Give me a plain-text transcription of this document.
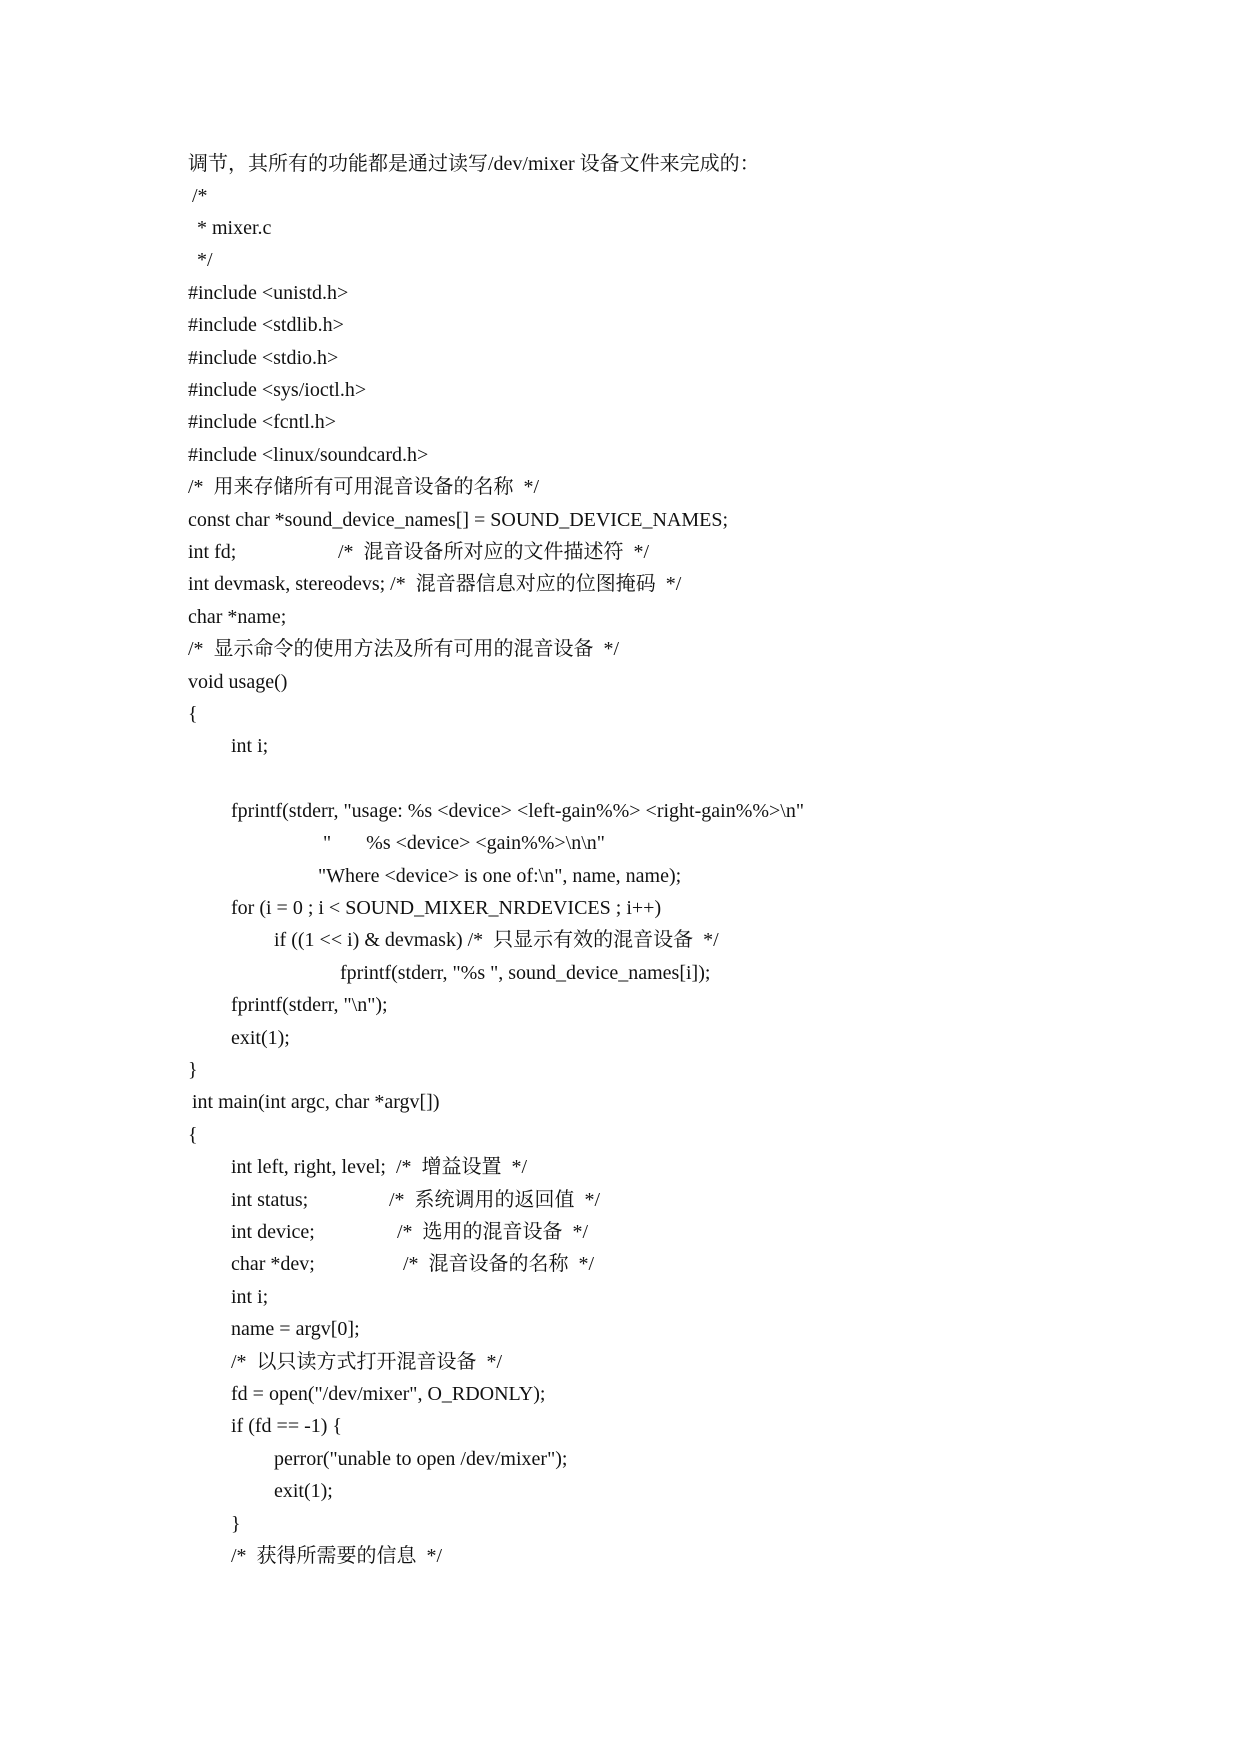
调节，其所有的功能都是通过读写/dev/mixer 设备文件来完成的：
/*
* mixer.c
*/
#include <unistd.h>
#include <stdlib.h>
#include <stdio.h>
#include <sys/ioctl.h>
#include <fcntl.h>
#include <linux/soundcard.h>
/*  用来存储所有可用混音设备的名称  */
const char *sound_device_names[] = SOUND_DEVICE_NAMES;
int fd;	/*  混音设备所对应的文件描述符  */
int devmask, stereodevs; /*  混音器信息对应的位图掩码  */
char *name;
/*  显示命令的使用方法及所有可用的混音设备  */
void usage()
{
int i;
fprintf(stderr, "usage: %s <device> <left-gain%%> <right-gain%%>\n"
"       %s <device> <gain%%>\n\n"
"Where <device> is one of:\n", name, name);
for (i = 0 ; i < SOUND_MIXER_NRDEVICES ; i++)
if ((1 << i) & devmask) /*  只显示有效的混音设备  */
fprintf(stderr, "%s ", sound_device_names[i]);
fprintf(stderr, "\n");
exit(1);
}
int main(int argc, char *argv[])
{
int left, right, level;  /*  增益设置  */
int status;	/*  系统调用的返回值  */
int device;	/*  选用的混音设备  */
char *dev;	/*  混音设备的名称  */
int i;
name = argv[0];
/*  以只读方式打开混音设备  */
fd = open("/dev/mixer", O_RDONLY);
if (fd == -1) {
perror("unable to open /dev/mixer");
exit(1);
}
/*  获得所需要的信息  */
